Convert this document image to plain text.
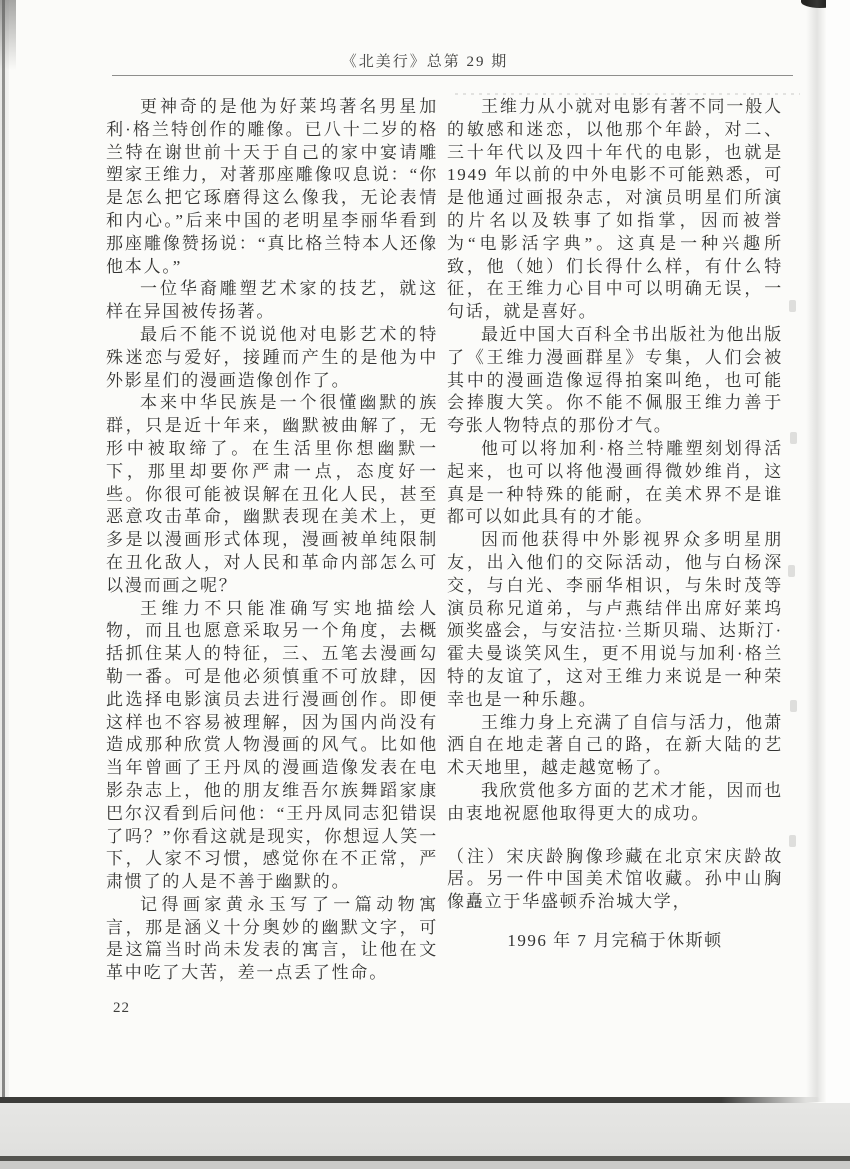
《北美行》总第 29 期

更神奇的是他为好莱坞著名男星加利·格兰特创作的雕像。已八十二岁的格兰特在谢世前十天于自己的家中宴请雕塑家王维力，对著那座雕像叹息说：“你是怎么把它琢磨得这么像我，无论表情和内心。”后来中国的老明星李丽华看到那座雕像赞扬说：“真比格兰特本人还像他本人。”

一位华裔雕塑艺术家的技艺，就这样在异国被传扬著。

最后不能不说说他对电影艺术的特殊迷恋与爱好，接踵而产生的是他为中外影星们的漫画造像创作了。

本来中华民族是一个很懂幽默的族群，只是近十年来，幽默被曲解了，无形中被取缔了。在生活里你想幽默一下，那里却要你严肃一点，态度好一些。你很可能被误解在丑化人民，甚至恶意攻击革命，幽默表现在美术上，更多是以漫画形式体现，漫画被单纯限制在丑化敌人，对人民和革命内部怎么可以漫而画之呢？

王维力不只能准确写实地描绘人物，而且也愿意采取另一个角度，去概括抓住某人的特征，三、五笔去漫画勾勒一番。可是他必须慎重不可放肆，因此选择电影演员去进行漫画创作。即便这样也不容易被理解，因为国内尚没有造成那种欣赏人物漫画的风气。比如他当年曾画了王丹凤的漫画造像发表在电影杂志上，他的朋友维吾尔族舞蹈家康巴尔汉看到后问他：“王丹凤同志犯错误了吗？”你看这就是现实，你想逗人笑一下，人家不习惯，感觉你在不正常，严肃惯了的人是不善于幽默的。

记得画家黄永玉写了一篇动物寓言，那是涵义十分奥妙的幽默文字，可是这篇当时尚未发表的寓言，让他在文革中吃了大苦，差一点丢了性命。

王维力从小就对电影有著不同一般人的敏感和迷恋，以他那个年龄，对二、三十年代以及四十年代的电影，也就是 1949 年以前的中外电影不可能熟悉，可是他通过画报杂志，对演员明星们所演的片名以及轶事了如指掌，因而被誉为“电影活字典”。这真是一种兴趣所致，他（她）们长得什么样，有什么特征，在王维力心目中可以明确无误，一句话，就是喜好。

最近中国大百科全书出版社为他出版了《王维力漫画群星》专集，人们会被其中的漫画造像逗得拍案叫绝，也可能会捧腹大笑。你不能不佩服王维力善于夸张人物特点的那份才气。

他可以将加利·格兰特雕塑刻划得活起来，也可以将他漫画得微妙维肖，这真是一种特殊的能耐，在美术界不是谁都可以如此具有的才能。

因而他获得中外影视界众多明星朋友，出入他们的交际活动，他与白杨深交，与白光、李丽华相识，与朱时茂等演员称兄道弟，与卢燕结伴出席好莱坞颁奖盛会，与安洁拉·兰斯贝瑞、达斯汀·霍夫曼谈笑风生，更不用说与加利·格兰特的友谊了，这对王维力来说是一种荣幸也是一种乐趣。

王维力身上充满了自信与活力，他萧洒自在地走著自己的路，在新大陆的艺术天地里，越走越宽畅了。

我欣赏他多方面的艺术才能，因而也由衷地祝愿他取得更大的成功。

（注）宋庆龄胸像珍藏在北京宋庆龄故居。另一件中国美术馆收藏。孙中山胸像矗立于华盛顿乔治城大学，

1996 年 7 月完稿于休斯顿

22
